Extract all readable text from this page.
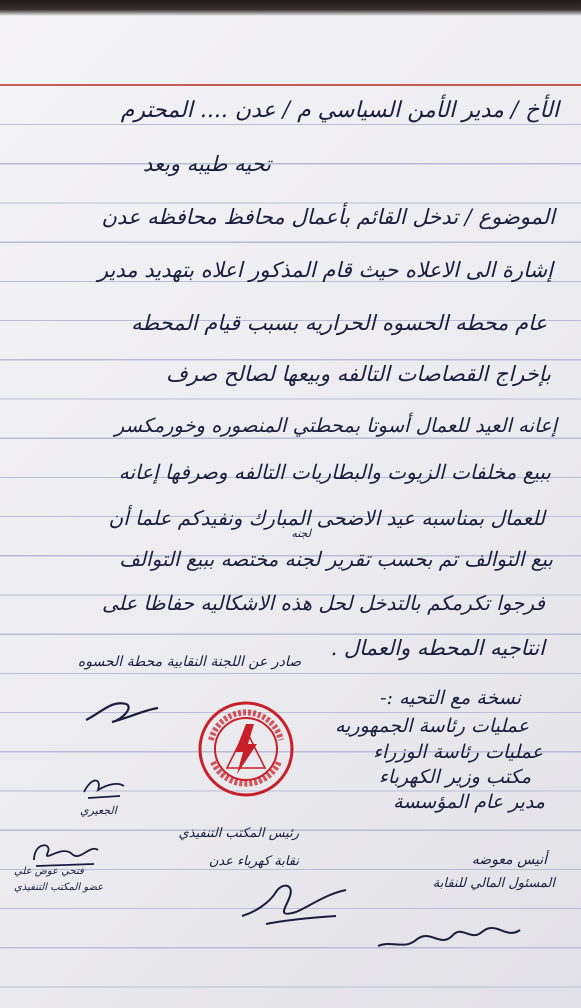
الأخ / مدير الأمن السياسي م / عدن .... المحترم
تحيه طيبه وبعد
الموضوع / تدخل القائم بأعمال محافظ محافظه عدن
إشارة الى الاعلاه حيث قام المذكور اعلاه بتهديد مدير
عام محطه الحسوه الحراريه بسبب قيام المحطه
بإخراج القصاصات التالفه وبيعها لصالح صرف
إعانه العيد للعمال أسوتا بمحطتي المنصوره وخورمكسر
ببيع مخلفات الزيوت والبطاريات التالفه وصرفها إعانه
للعمال بمناسبه عيد الاضحى المبارك ونفيدكم علما أن
لجنه
بيع التوالف تم بحسب تقرير لجنه مختصه ببيع التوالف
فرجوا تكرمكم بالتدخل لحل هذه الاشكاليه حفاظا على
انتاجيه المحطه والعمال .
صادر عن اللجنة النقابية محطة الحسوه
نسخة مع التحيه :-
عمليات رئاسة الجمهوريه
عمليات رئاسة الوزراء
مكتب وزير الكهرباء
مدير عام المؤسسة
الجعيري
فتحي عوض علي
عضو المكتب التنفيذي
رئيس المكتب التنفيذي
نقابة كهرباء عدن	أنيس معوضه
المسئول المالي للنقابة
